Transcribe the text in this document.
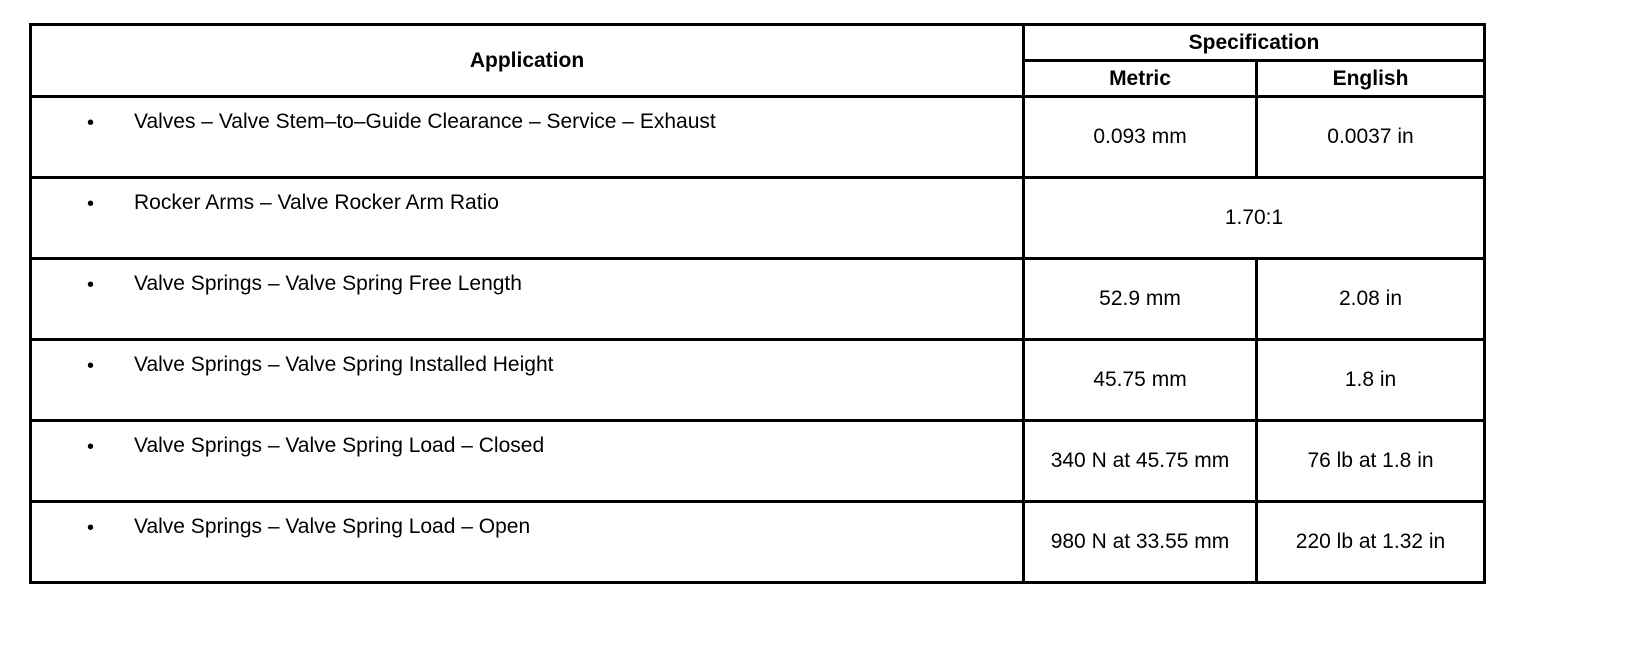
Application	Specification	
	Metric	English

• Valves – Valve Stem–to–Guide Clearance – Service – Exhaust	0.093 mm	0.0037 in

• Rocker Arms – Valve Rocker Arm Ratio	1.70:1	

• Valve Springs – Valve Spring Free Length	52.9 mm	2.08 in

• Valve Springs – Valve Spring Installed Height	45.75 mm	1.8 in

• Valve Springs – Valve Spring Load – Closed	340 N at 45.75 mm	76 lb at 1.8 in

• Valve Springs – Valve Spring Load – Open	980 N at 33.55 mm	220 lb at 1.32 in
